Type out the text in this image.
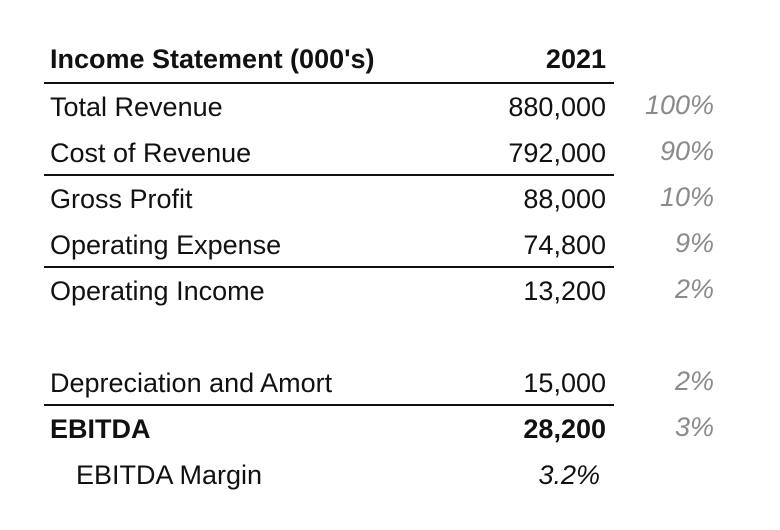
Income Statement (000's)	2021
Total Revenue	880,000 100%
Cost of Revenue	792,000 90%
Gross Profit	88,000 10%
Operating Expense	74,800	9%
Operating Income	13,200	2%
Depreciation and Amort	15,000	2%
EBITDA	28,200	3%
EBITDA Margin	3.2%
